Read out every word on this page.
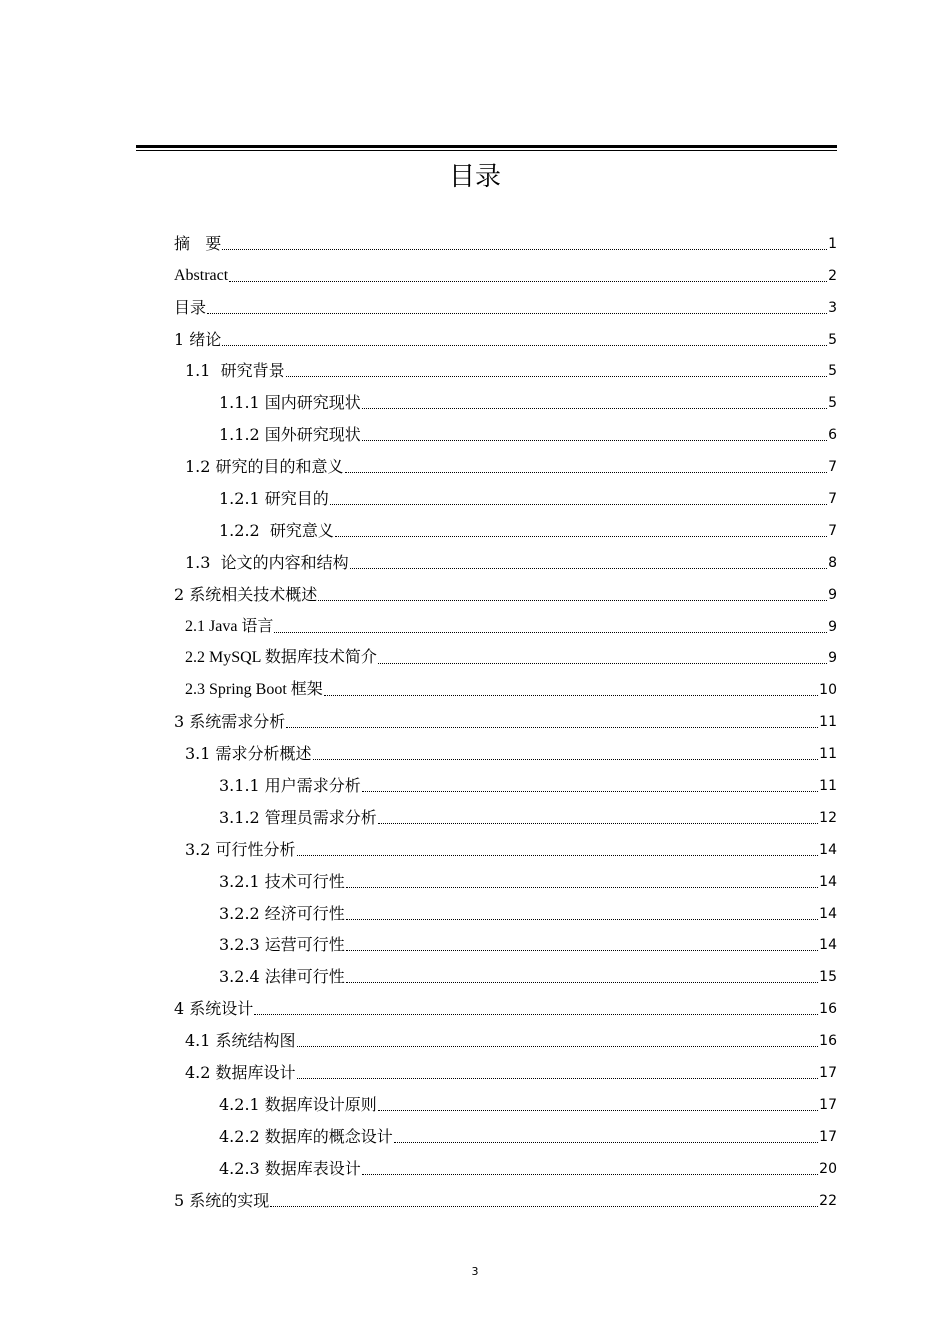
目录
摘   要	1
Abstract	2
目录	3
1 绪论	5
1.1  研究背景	5
1.1.1 国内研究现状	5
1.1.2 国外研究现状	6
1.2 研究的目的和意义	7
1.2.1 研究目的	7
1.2.2  研究意义	7
1.3  论文的内容和结构	8
2 系统相关技术概述	9
2.1 Java 语言	9
2.2 MySQL 数据库技术简介	9
2.3 Spring Boot 框架	10
3 系统需求分析	11
3.1 需求分析概述	11
3.1.1 用户需求分析	11
3.1.2 管理员需求分析	12
3.2 可行性分析	14
3.2.1 技术可行性	14
3.2.2 经济可行性	14
3.2.3 运营可行性	14
3.2.4 法律可行性	15
4 系统设计	16
4.1 系统结构图	16
4.2 数据库设计	17
4.2.1 数据库设计原则	17
4.2.2 数据库的概念设计	17
4.2.3 数据库表设计	20
5 系统的实现	22
3
